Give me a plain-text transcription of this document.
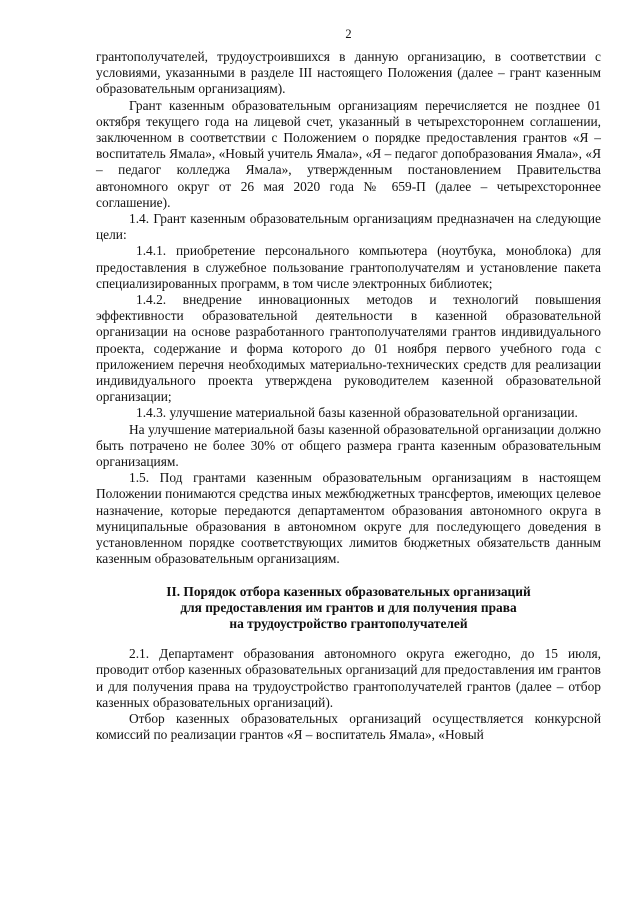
2

грантополучателей, трудоустроившихся в данную организацию, в соответствии с условиями, указанными в разделе III настоящего Положения (далее – грант казенным образовательным организациям).

Грант казенным образовательным организациям перечисляется не позднее 01 октября текущего года на лицевой счет, указанный в четырехстороннем соглашении, заключенном в соответствии с Положением о порядке предоставления грантов «Я – воспитатель Ямала», «Новый учитель Ямала», «Я – педагог допобразования Ямала», «Я – педагог колледжа Ямала», утвержденным постановлением Правительства автономного округ от 26 мая 2020 года № 659-П (далее – четырехстороннее соглашение).

1.4. Грант казенным образовательным организациям предназначен на следующие цели:

1.4.1. приобретение персонального компьютера (ноутбука, моноблока) для предоставления в служебное пользование грантополучателям и установление пакета специализированных программ, в том числе электронных библиотек;

1.4.2. внедрение инновационных методов и технологий повышения эффективности образовательной деятельности в казенной образовательной организации на основе разработанного грантополучателями грантов индивидуального проекта, содержание и форма которого до 01 ноября первого учебного года с приложением перечня необходимых материально-технических средств для реализации индивидуального проекта утверждена руководителем казенной образовательной организации;

1.4.3. улучшение материальной базы казенной образовательной организации.

На улучшение материальной базы казенной образовательной организации должно быть потрачено не более 30% от общего размера гранта казенным образовательным организациям.

1.5. Под грантами казенным образовательным организациям в настоящем Положении понимаются средства иных межбюджетных трансфертов, имеющих целевое назначение, которые передаются департаментом образования автономного округа в муниципальные образования в автономном округе для последующего доведения в установленном порядке соответствующих лимитов бюджетных обязательств данным казенным образовательным организациям.

II. Порядок отбора казенных образовательных организаций
для предоставления им грантов и для получения права
на трудоустройство грантополучателей

2.1. Департамент образования автономного округа ежегодно, до 15 июля, проводит отбор казенных образовательных организаций для предоставления им грантов и для получения права на трудоустройство грантополучателей грантов (далее – отбор казенных образовательных организаций).

Отбор казенных образовательных организаций осуществляется конкурсной комиссий по реализации грантов «Я – воспитатель Ямала», «Новый
